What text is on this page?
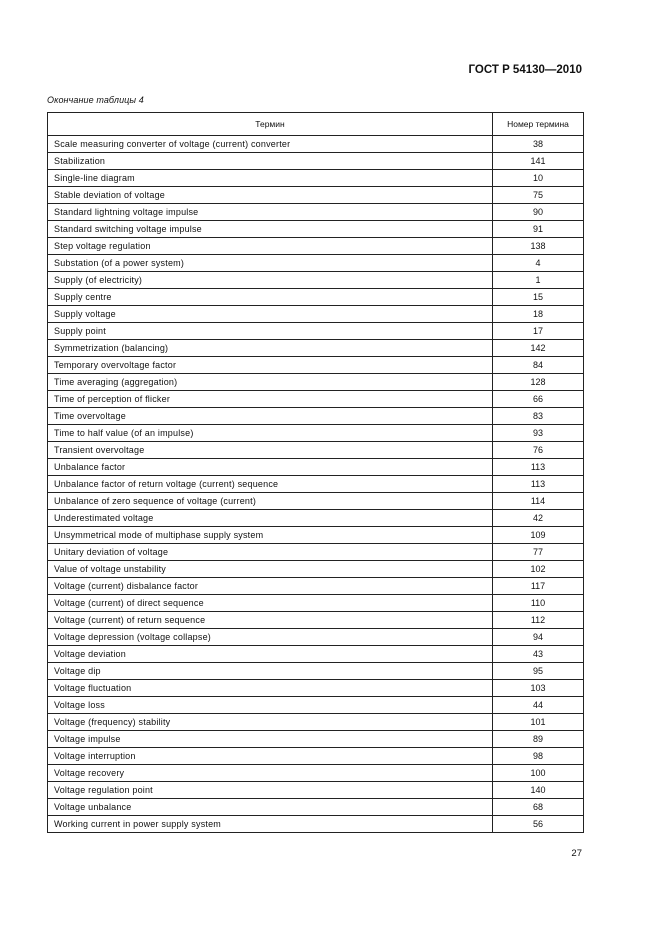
ГОСТ Р 54130—2010
Окончание таблицы 4
Термин	Номер термина
Scale measuring converter of voltage (current) converter	38
Stabilization	141
Single-line diagram	10
Stable deviation of voltage	75
Standard lightning voltage impulse	90
Standard switching voltage impulse	91
Step voltage regulation	138
Substation (of a power system)	4
Supply (of electricity)	1
Supply centre	15
Supply voltage	18
Supply point	17
Symmetrization (balancing)	142
Temporary overvoltage factor	84
Time averaging (aggregation)	128
Time of perception of flicker	66
Time overvoltage	83
Time to half value (of an impulse)	93
Transient overvoltage	76
Unbalance factor	113
Unbalance factor of return voltage (current) sequence	113
Unbalance of zero sequence of voltage (current)	114
Underestimated voltage	42
Unsymmetrical mode of multiphase supply system	109
Unitary deviation of voltage	77
Value of voltage unstability	102
Voltage (current) disbalance factor	117
Voltage (current) of direct sequence	110
Voltage (current) of return sequence	112
Voltage depression (voltage collapse)	94
Voltage deviation	43
Voltage dip	95
Voltage fluctuation	103
Voltage loss	44
Voltage (frequency) stability	101
Voltage impulse	89
Voltage interruption	98
Voltage recovery	100
Voltage regulation point	140
Voltage unbalance	68
Working current in power supply system	56
27
